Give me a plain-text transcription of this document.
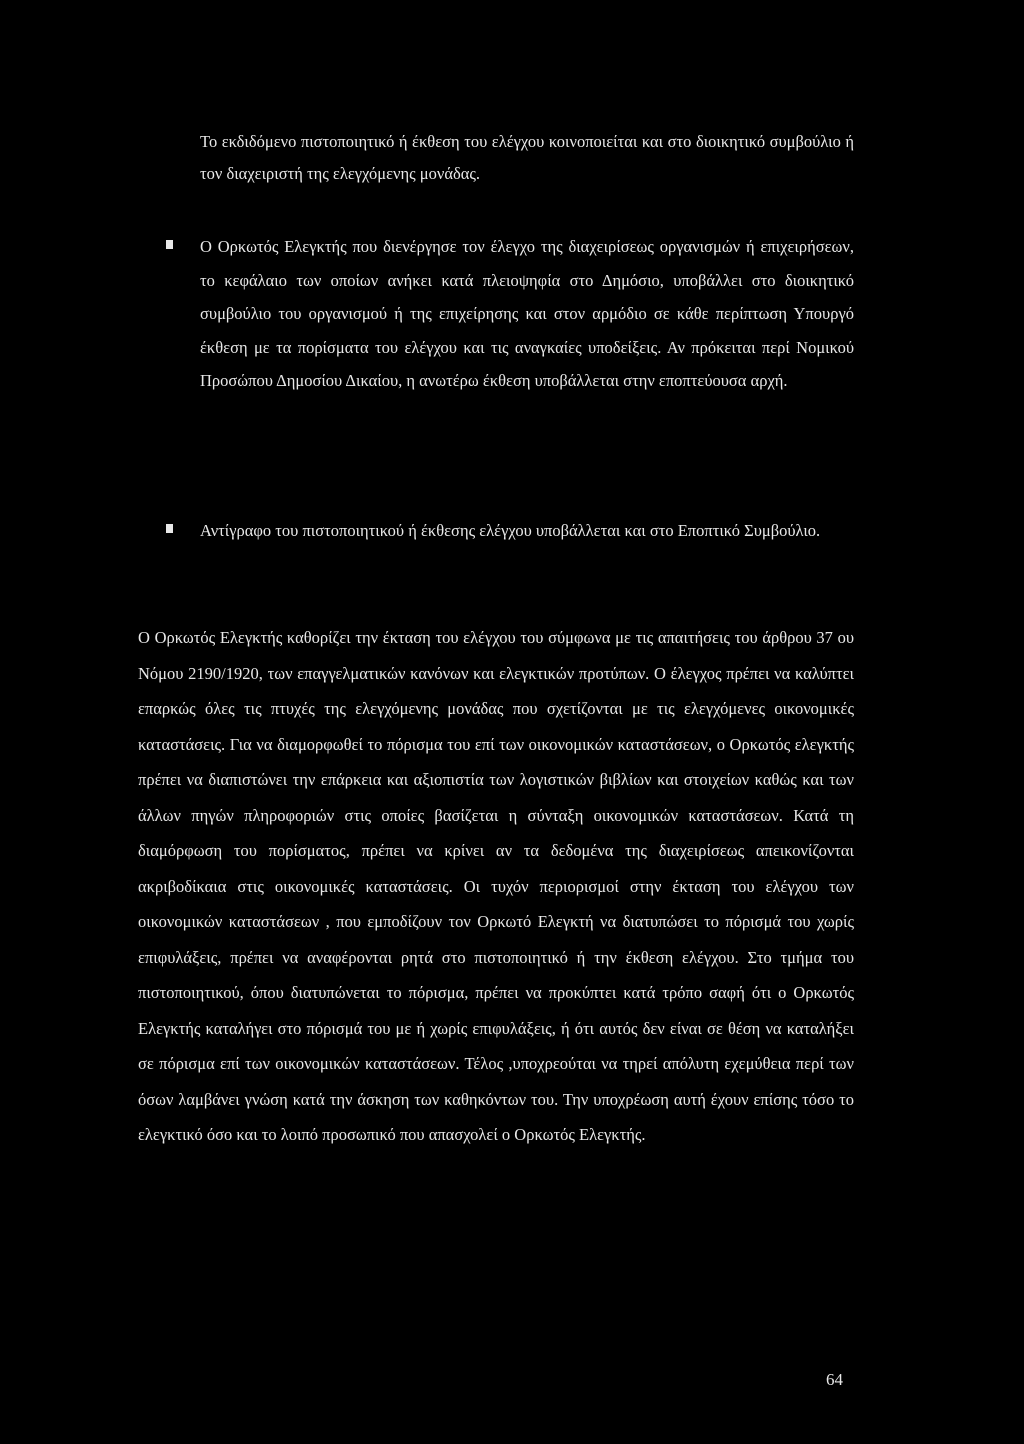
Το εκδιδόμενο πιστοποιητικό ή έκθεση του ελέγχου κοινοποιείται και στο διοικητικό συμβούλιο ή τον διαχειριστή της ελεγχόμενης μονάδας.

Ο Ορκωτός Ελεγκτής που διενέργησε τον έλεγχο της διαχειρίσεως οργανισμών ή επιχειρήσεων, το κεφάλαιο των οποίων ανήκει κατά πλειοψηφία στο Δημόσιο, υποβάλλει στο διοικητικό συμβούλιο του οργανισμού ή της επιχείρησης και στον αρμόδιο σε κάθε περίπτωση Υπουργό έκθεση με τα πορίσματα του ελέγχου και τις αναγκαίες υποδείξεις. Αν πρόκειται περί Νομικού Προσώπου Δημοσίου Δικαίου, η ανωτέρω έκθεση υποβάλλεται στην εποπτεύουσα αρχή.

Αντίγραφο του πιστοποιητικού ή έκθεσης ελέγχου υποβάλλεται και στο Εποπτικό Συμβούλιο.

Ο Ορκωτός Ελεγκτής καθορίζει την έκταση του ελέγχου του σύμφωνα με τις απαιτήσεις του άρθρου 37 ου Νόμου 2190/1920, των επαγγελματικών κανόνων και ελεγκτικών προτύπων. Ο έλεγχος πρέπει να καλύπτει επαρκώς όλες τις πτυχές της ελεγχόμενης μονάδας που σχετίζονται με τις ελεγχόμενες οικονομικές καταστάσεις. Για να διαμορφωθεί το πόρισμα του επί των οικονομικών καταστάσεων, ο Ορκωτός ελεγκτής πρέπει να διαπιστώνει την επάρκεια και αξιοπιστία των λογιστικών βιβλίων και στοιχείων καθώς και των άλλων πηγών πληροφοριών στις οποίες βασίζεται η σύνταξη οικονομικών καταστάσεων. Κατά τη διαμόρφωση του πορίσματος, πρέπει να κρίνει αν τα δεδομένα της διαχειρίσεως απεικονίζονται ακριβοδίκαια στις οικονομικές καταστάσεις. Οι τυχόν περιορισμοί στην έκταση του ελέγχου των οικονομικών καταστάσεων , που εμποδίζουν τον Ορκωτό Ελεγκτή να διατυπώσει το πόρισμά του χωρίς επιφυλάξεις, πρέπει να αναφέρονται ρητά στο πιστοποιητικό ή την έκθεση ελέγχου. Στο τμήμα του πιστοποιητικού, όπου διατυπώνεται το πόρισμα, πρέπει να προκύπτει κατά τρόπο σαφή ότι ο Ορκωτός Ελεγκτής καταλήγει στο πόρισμά του με ή χωρίς επιφυλάξεις, ή ότι αυτός δεν είναι σε θέση να καταλήξει σε πόρισμα επί των οικονομικών καταστάσεων. Τέλος ,υποχρεούται να τηρεί απόλυτη εχεμύθεια περί των όσων λαμβάνει γνώση κατά την άσκηση των καθηκόντων του. Την υποχρέωση αυτή έχουν επίσης τόσο το ελεγκτικό όσο και το λοιπό προσωπικό που απασχολεί ο Ορκωτός Ελεγκτής.

64
